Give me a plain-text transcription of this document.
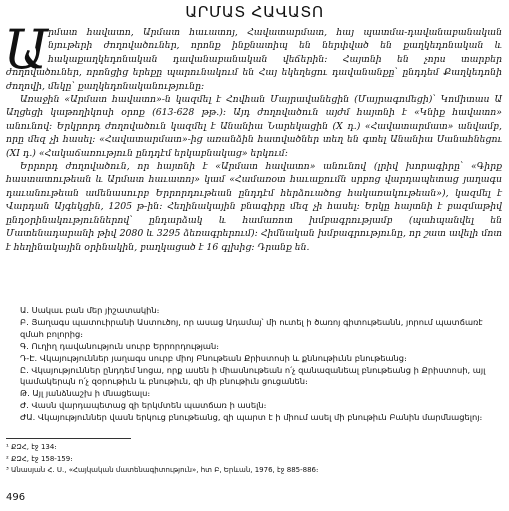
ԱՐՄԱՏ ՀԱՎԱՏՈ
Ա րմատ հավատո, Արմատ հաւատոյ, Հավատարմատ, հայ պատմա-դավանաբանական նյութերի ժողովածուներ, որոնք ինքնատիպ են ներփված են քաղկեդոնական և հակաքաղկեդոնական դավանաբանական վեճերին։ Հայտնի են չորս տարբեր ժողովածուներ, որոնցից երեքը պարունակում են Հայ եկեղեցու դավանանքը՝ ընդդեմ Քաղկեդոնի ժողովի, մեկը՝ քաղկեդոնականությունը։

Առաջին «Արմատ հավատո»-ն կազմել է Հովհան Մայրավանեցին (Մայրագոմեցի)՝ Կոմիտաս Ա Աղցեցի կաթողիկոսի օրոք (613-628 թթ.)։ Այդ ժողովածուն այժմ հայտնի է «Կնիք հավատո» անունով։ Երկրորդ ժողովածուն կազմել է Անանիա Նարեկացին (X դ.) «Հավատարմատ» անվամբ, որը մեզ չի հասել։ «Հավատարմատ»-ից առանձին հատվածներ տեղ են գտել Անանիա Սանահնեցու (XI դ.) «Հակաճառություն ընդդէմ երկաբնակաց» երկում։

Երրորդ ժողովածուն, որ հայտնի է «Արմատ հավատո» անունով (լրիվ խորագիրը՝ «Գիրք հաստատութեան և Արմատ հաւատոյ» կամ «Համառօտ հաւաքումն սրբոց վարդապետաց յաղագս դաւանութեան ամենասուրբ Երրորդութեան ընդդէմ հերձուածոց հակառակութեան»), կազմել է Վարդան Այգեկցին, 1205 թ-ին։ Հեղինակային բնագիրը մեզ չի հասել։ Երկը հայտնի է բազմաթիվ ընդօրինակություններով՝ ընդարձակ և համառոտ խմբագրությամբ (պահպանվել են Մատենադարանի թիվ 2080 և 3295 ձեռագրերում)։ Հիմնական խմբագրությունը, որ շատ ավելի մոտ է հեղինակային օրինակին, բաղկացած է 16 գլխից։ Դրանք են.

Ա. Սակաւ բան մեր յիշատակին։
Բ. Յաղագս պատուիրանի Աստուծոյ, որ ասաց Ադամայ՝ մի ուտել ի ծառոյ գիտութեանն, յորում պատճառէ զմահ բոլորից։
Գ. Ուղիղ դավանություն սուրբ Երրորդության։
Դ-Է. Վկայություններ յաղագս սուրբ միոյ Բնութեան Քրիստոսի և քննութիւնն բնութեանց։
Ը. Վկայություններ ընդդեմ նոցա, որք ասեն ի միասնութեան ո՛չ զանազանեալ բնութեանց ի Քրիստոսի, այլ կամակերպն ո՛չ զօրութիւն և բնութիւն, զի մի բնութիւն ցուցանեն։
Թ. Այլ յանձնաշխ ի մնացեալս։
Ժ. Վասն վարդապետաց զի երկմտեն պատճառ ի ասելն։
ԺԱ. Վկայություններ վասն երկուց բնութեանց, զի պարտ է ի միում ասել մի բնութիւն Բանին մարմնացելոյ։
¹ ՔԶՀ, էջ 134։
² ՔԶՀ, էջ 158-159։
³ Անասյան Հ. Ս., «Հայկական մատենագիտություն», հտ Բ, Երևան, 1976, էջ 885-886։
496
